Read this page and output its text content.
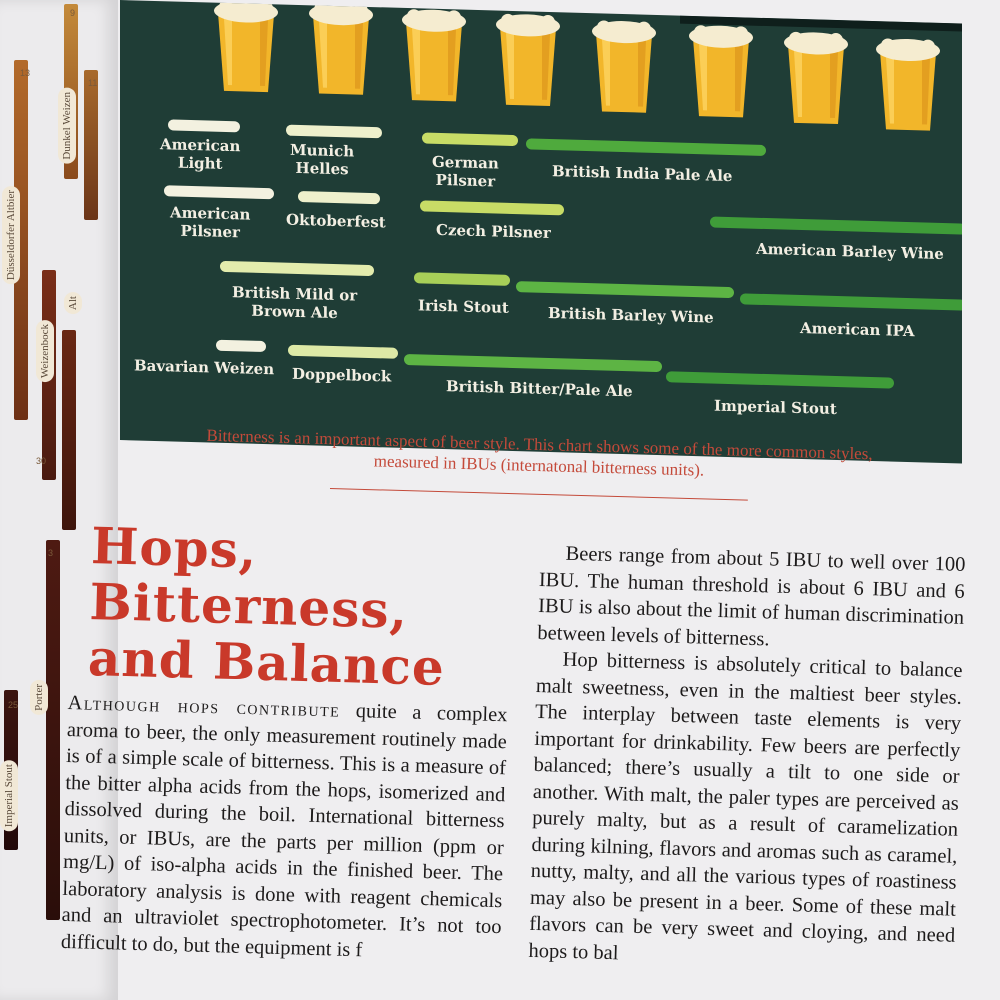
Dunkel Weizen
Düsseldorfer Altbier
Alt
Weizenbock
Porter
Imperial Stout
9
13
11
3
30
25
American
Light
Munich
Helles	German
Pilsner	British India Pale Ale
American
Pilsner
Oktoberfest	Czech Pilsner
American Barley Wine
British Mild or
Brown Ale	Irish Stout	British Barley Wine
American IPA
Bavarian Weizen Doppelbock
British Bitter/Pale Ale
Imperial Stout
Bitterness is an important aspect of beer style. This chart shows some of the more common styles, measured in IBUs (internatonal bitterness units).
Hops,
Bitterness,
and Balance

Although hops contribute quite a complex aroma to beer, the only measurement routinely made is of a simple scale of bitterness. This is a measure of the bitter alpha acids from the hops, isomerized and dissolved during the boil. International bitterness units, or IBUs, are the parts per million (ppm or mg/L) of iso-alpha acids in the finished beer. The laboratory analysis is done with reagent chemicals and an ultraviolet spectrophotometer. It’s not too difficult to do, but the equipment is f

Beers range from about 5 IBU to well over 100 IBU. The human threshold is about 6 IBU and 6 IBU is also about the limit of human discrimination between levels of bitterness.

Hop bitterness is absolutely critical to balance malt sweetness, even in the maltiest beer styles. The interplay between taste elements is very important for drinkability. Few beers are perfectly balanced; there’s usually a tilt to one side or another. With malt, the paler types are perceived as purely malty, but as a result of caramelization during kilning, flavors and aromas such as caramel, nutty, malty, and all the various types of roastiness may also be present in a beer. Some of these malt flavors can be very sweet and cloying, and need hops to bal
